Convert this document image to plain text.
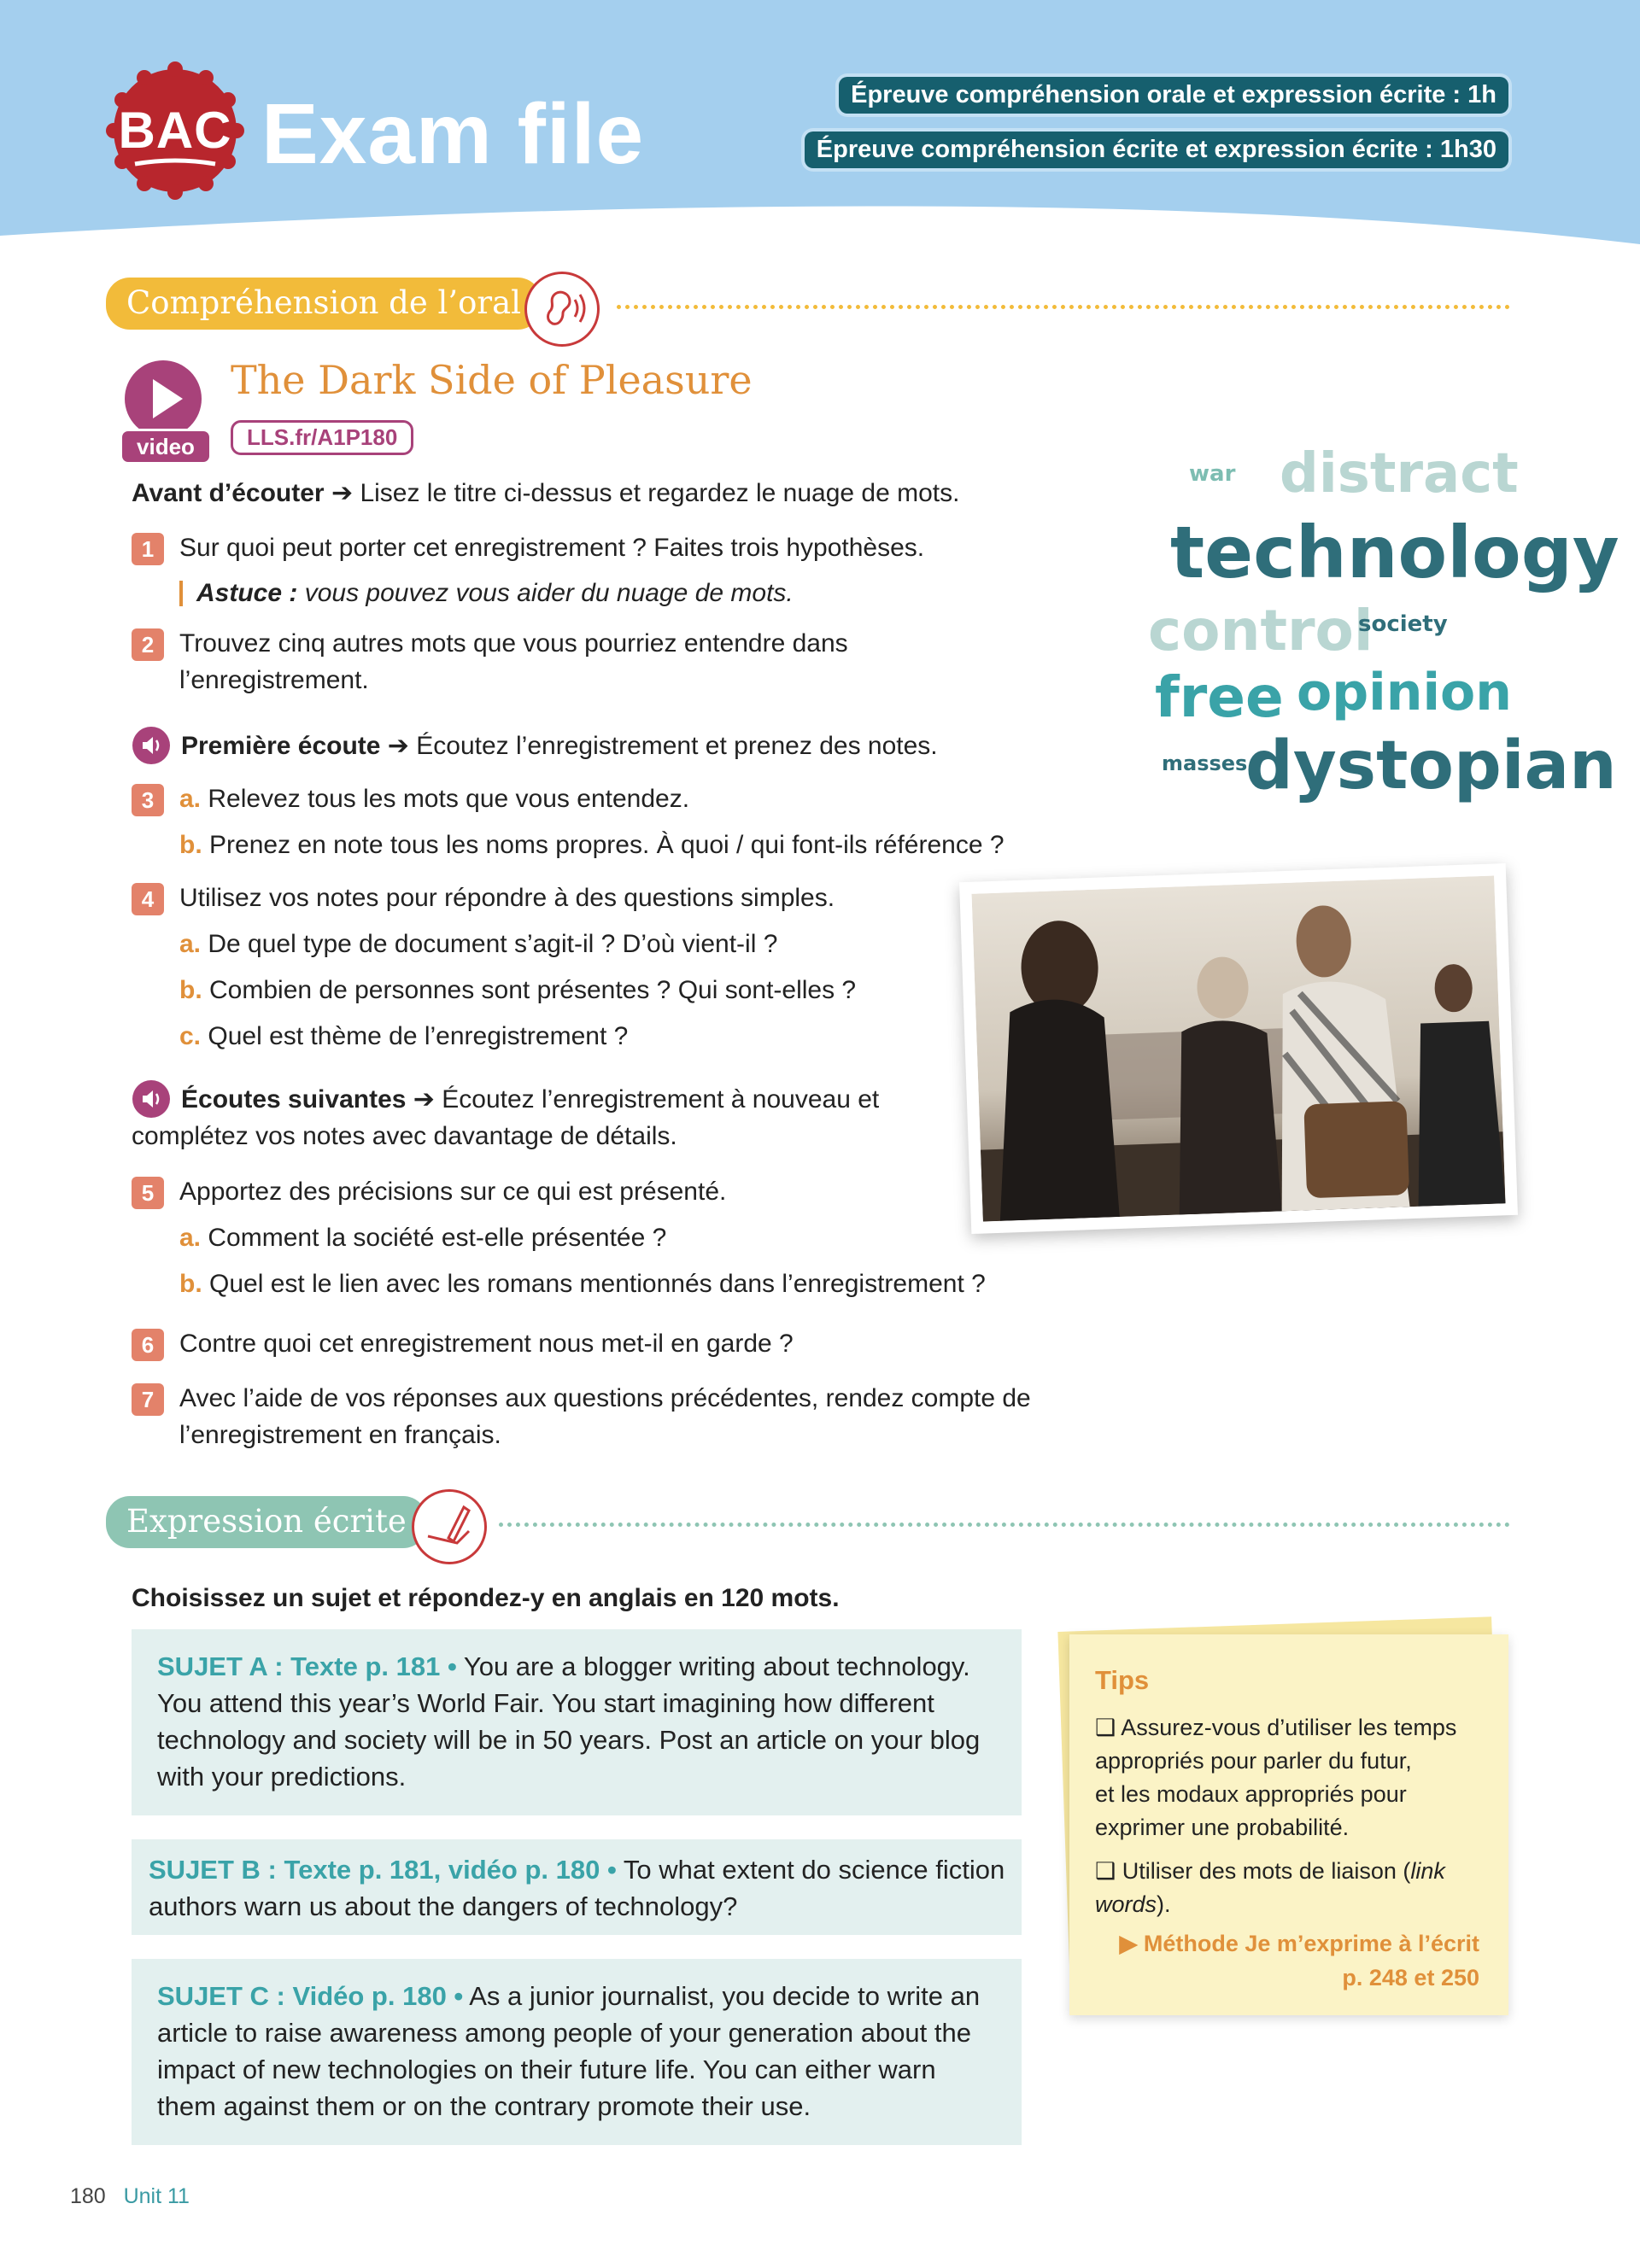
BAC Exam file	Épreuve compréhension orale et expression écrite : 1h
Épreuve compréhension écrite et expression écrite : 1h30
Compréhension de l’oral
video
The Dark Side of Pleasure
LLS.fr/A1P180
Avant d’écouter ➔ Lisez le titre ci-dessus et regardez le nuage de mots.
1 Sur quoi peut porter cet enregistrement ? Faites trois hypothèses.
Astuce : vous pouvez vous aider du nuage de mots.
2 Trouvez cinq autres mots que vous pourriez entendre dans
l’enregistrement.
Première écoute ➔ Écoutez l’enregistrement et prenez des notes.
3 a. Relevez tous les mots que vous entendez.
b. Prenez en note tous les noms propres. À quoi / qui font-ils référence ?
4 Utilisez vos notes pour répondre à des questions simples.
a. De quel type de document s’agit-il ? D’où vient-il ?
b. Combien de personnes sont présentes ? Qui sont-elles ?
c. Quel est thème de l’enregistrement ?
Écoutes suivantes ➔ Écoutez l’enregistrement à nouveau et
complétez vos notes avec davantage de détails.
5 Apportez des précisions sur ce qui est présenté.
a. Comment la société est-elle présentée ?
b. Quel est le lien avec les romans mentionnés dans l’enregistrement ?
6 Contre quoi cet enregistrement nous met-il en garde ?
7 Avec l’aide de vos réponses aux questions précédentes, rendez compte de
l’enregistrement en français.
war distract
technology
control
society
free opinion
masses
dystopian
Expression écrite
Choisissez un sujet et répondez-y en anglais en 120 mots.
SUJET A : Texte p. 181 • You are a blogger writing about technology.
You attend this year’s World Fair. You start imagining how different
technology and society will be in 50 years. Post an article on your blog
with your predictions.
SUJET B : Texte p. 181, vidéo p. 180 • To what extent do science fiction
authors warn us about the dangers of technology?
SUJET C : Vidéo p. 180 • As a junior journalist, you decide to write an
article to raise awareness among people of your generation about the
impact of new technologies on their future life. You can either warn
them against them or on the contrary promote their use.
Tips
❑ Assurez-vous d’utiliser les temps
appropriés pour parler du futur,
et les modaux appropriés pour
exprimer une probabilité.
❑ Utiliser des mots de liaison (link
words).
▶ Méthode Je m’exprime à l’écrit
p. 248 et 250
180 Unit 11
